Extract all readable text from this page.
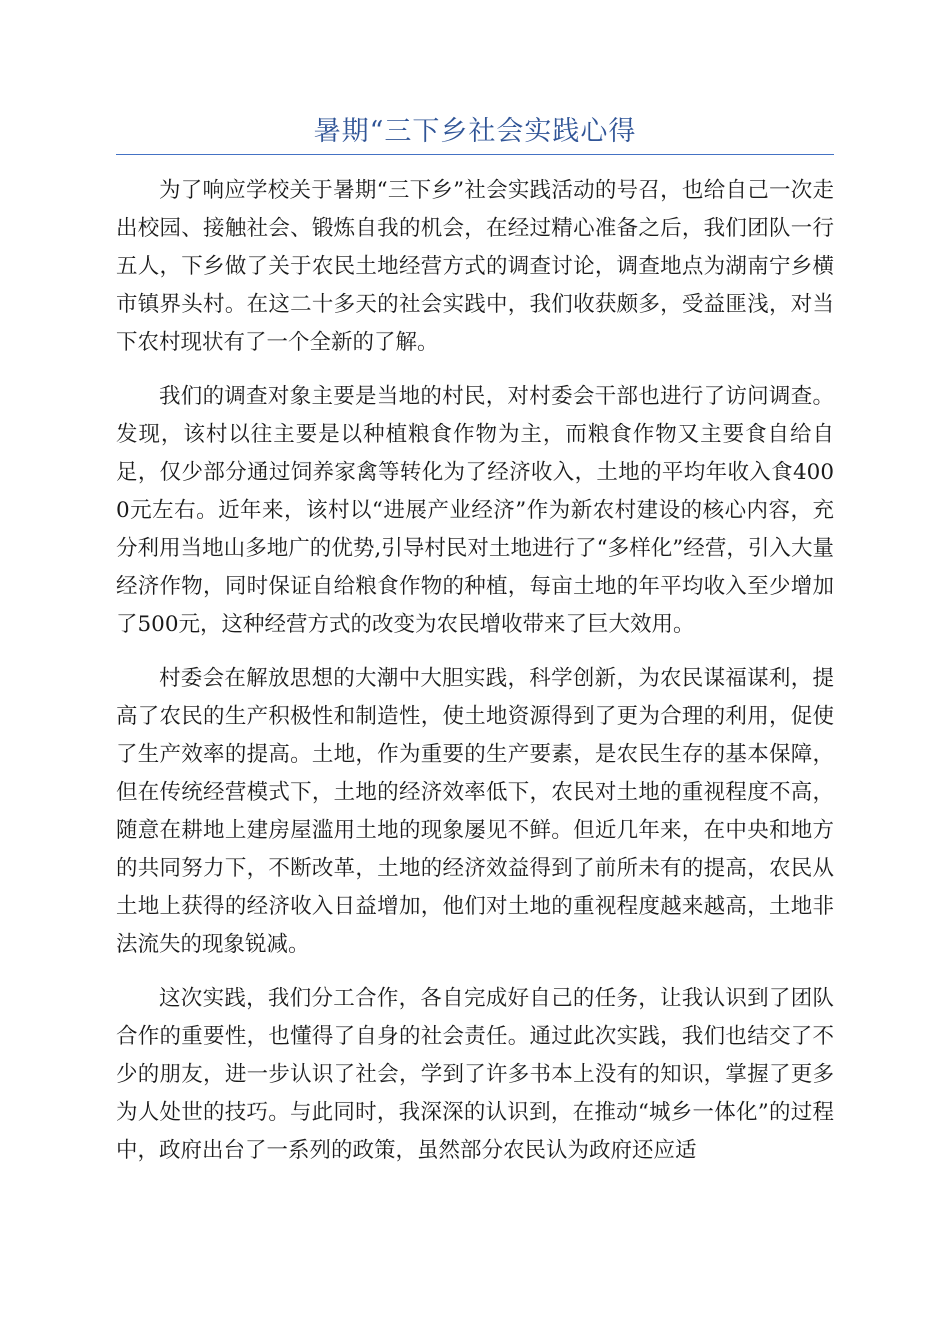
暑期“三下乡社会实践心得

为了响应学校关于暑期“三下乡”社会实践活动的号召，也给自己一次走出校园、接触社会、锻炼自我的机会，在经过精心准备之后，我们团队一行五人，下乡做了关于农民土地经营方式的调查讨论，调查地点为湖南宁乡横市镇界头村。在这二十多天的社会实践中，我们收获颇多，受益匪浅，对当下农村现状有了一个全新的了解。

我们的调查对象主要是当地的村民，对村委会干部也进行了访问调查。发现，该村以往主要是以种植粮食作物为主，而粮食作物又主要食自给自足，仅少部分通过饲养家禽等转化为了经济收入，土地的平均年收入食4000元左右。近年来，该村以“进展产业经济”作为新农村建设的核心内容，充分利用当地山多地广的优势,引导村民对土地进行了“多样化”经营，引入大量经济作物，同时保证自给粮食作物的种植，每亩土地的年平均收入至少增加了500元，这种经营方式的改变为农民增收带来了巨大效用。

村委会在解放思想的大潮中大胆实践，科学创新，为农民谋福谋利，提高了农民的生产积极性和制造性，使土地资源得到了更为合理的利用，促使了生产效率的提高。土地，作为重要的生产要素，是农民生存的基本保障，但在传统经营模式下，土地的经济效率低下，农民对土地的重视程度不高，随意在耕地上建房屋滥用土地的现象屡见不鲜。但近几年来，在中央和地方的共同努力下，不断改革，土地的经济效益得到了前所未有的提高，农民从土地上获得的经济收入日益增加，他们对土地的重视程度越来越高，土地非法流失的现象锐减。

这次实践，我们分工合作，各自完成好自己的任务，让我认识到了团队合作的重要性，也懂得了自身的社会责任。通过此次实践，我们也结交了不少的朋友，进一步认识了社会，学到了许多书本上没有的知识，掌握了更多为人处世的技巧。与此同时，我深深的认识到，在推动“城乡一体化”的过程中，政府出台了一系列的政策，虽然部分农民认为政府还应适
